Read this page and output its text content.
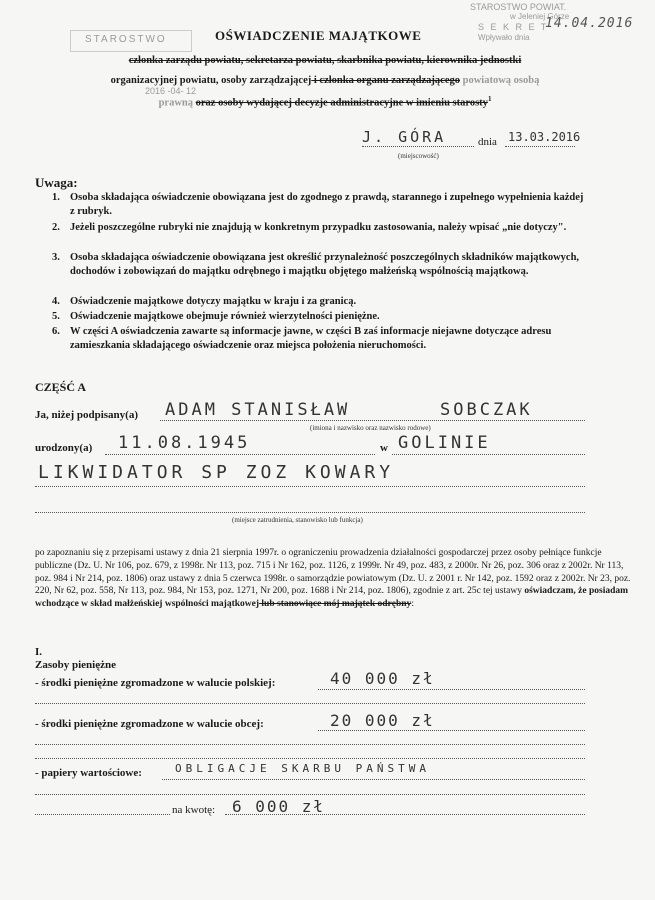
STAROSTWO POWIAT.
w Jeleniej Górze
S E K R E T
14.04.2016
Wpływało dnia
STAROSTWO
2016 -04- 12
OŚWIADCZENIE MAJĄTKOWE
członka zarządu powiatu, sekretarza powiatu, skarbnika powiatu, kierownika jednostki
organizacyjnej powiatu, osoby zarządzającej i członka organu zarządzającego powiatową osobą
prawną oraz osoby wydającej decyzje administracyjne w imieniu starosty$^1$
J. GÓRA	dnia 13.03.2016
(miejscowość)
Uwaga:
1. Osoba składająca oświadczenie obowiązana jest do zgodnego z prawdą, starannego i zupełnego wypełnienia każdej z rubryk.
2. Jeżeli poszczególne rubryki nie znajdują w konkretnym przypadku zastosowania, należy wpisać „nie dotyczy".
3. Osoba składająca oświadczenie obowiązana jest określić przynależność poszczególnych składników majątkowych, dochodów i zobowiązań do majątku odrębnego i majątku objętego małżeńską wspólnością majątkową.
4. Oświadczenie majątkowe dotyczy majątku w kraju i za granicą.
5. Oświadczenie majątkowe obejmuje również wierzytelności pieniężne.
6. W części A oświadczenia zawarte są informacje jawne, w części B zaś informacje niejawne dotyczące adresu zamieszkania składającego oświadczenie oraz miejsca położenia nieruchomości.
CZĘŚĆ A
Ja, niżej podpisany(a) ADAM STANISŁAW	SOBCZAK
(imiona i nazwisko oraz nazwisko rodowe)
urodzony(a) 11.08.1945	w GOLINIE
LIKWIDATOR SP ZOZ KOWARY
(miejsce zatrudnienia, stanowisko lub funkcja)
po zapoznaniu się z przepisami ustawy z dnia 21 sierpnia 1997r. o ograniczeniu prowadzenia działalności gospodarczej przez osoby pełniące funkcje publiczne (Dz. U. Nr 106, poz. 679, z 1998r. Nr 113, poz. 715 i Nr 162, poz. 1126, z 1999r. Nr 49, poz. 483, z 2000r. Nr 26, poz. 306 oraz z 2002r. Nr 113, poz. 984 i Nr 214, poz. 1806) oraz ustawy z dnia 5 czerwca 1998r. o samorządzie powiatowym (Dz. U. z 2001 r. Nr 142, poz. 1592 oraz z 2002r. Nr 23, poz. 220, Nr 62, poz. 558, Nr 113, poz. 984, Nr 153, poz. 1271, Nr 200, poz. 1688 i Nr 214, poz. 1806), zgodnie z art. 25c tej ustawy oświadczam, że posiadam wchodzące w skład małżeńskiej wspólności majątkowej lub stanowiące mój majątek odrębny:
I.
Zasoby pieniężne
- środki pieniężne zgromadzone w walucie polskiej:	40 000 zł
- środki pieniężne zgromadzone w walucie obcej:	20 000 zł
- papiery wartościowe:	OBLIGACJE SKARBU PAŃSTWA
na kwotę: 6 000 zł
